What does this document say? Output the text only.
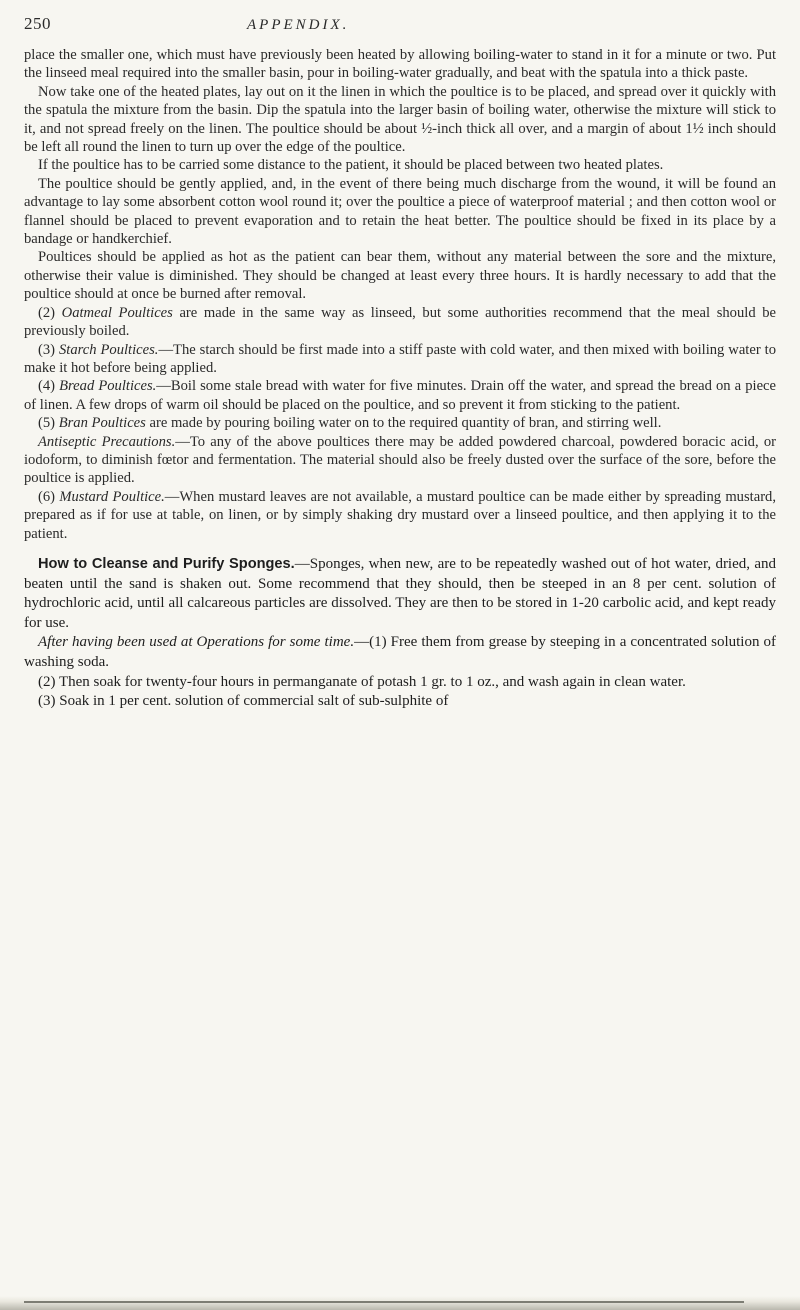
250	APPENDIX.

place the smaller one, which must have previously been heated by allowing boiling-water to stand in it for a minute or two. Put the linseed meal required into the smaller basin, pour in boiling-water gradually, and beat with the spatula into a thick paste.

Now take one of the heated plates, lay out on it the linen in which the poultice is to be placed, and spread over it quickly with the spatula the mixture from the basin. Dip the spatula into the larger basin of boiling water, otherwise the mixture will stick to it, and not spread freely on the linen. The poultice should be about ½-inch thick all over, and a margin of about 1½ inch should be left all round the linen to turn up over the edge of the poultice.

If the poultice has to be carried some distance to the patient, it should be placed between two heated plates.

The poultice should be gently applied, and, in the event of there being much discharge from the wound, it will be found an advantage to lay some absorbent cotton wool round it; over the poultice a piece of waterproof material ; and then cotton wool or flannel should be placed to prevent evaporation and to retain the heat better. The poultice should be fixed in its place by a bandage or handkerchief.

Poultices should be applied as hot as the patient can bear them, without any material between the sore and the mixture, otherwise their value is diminished. They should be changed at least every three hours. It is hardly necessary to add that the poultice should at once be burned after removal.

(2) Oatmeal Poultices are made in the same way as linseed, but some authorities recommend that the meal should be previously boiled.

(3) Starch Poultices.—The starch should be first made into a stiff paste with cold water, and then mixed with boiling water to make it hot before being applied.

(4) Bread Poultices.—Boil some stale bread with water for five minutes. Drain off the water, and spread the bread on a piece of linen. A few drops of warm oil should be placed on the poultice, and so prevent it from sticking to the patient.

(5) Bran Poultices are made by pouring boiling water on to the required quantity of bran, and stirring well.

Antiseptic Precautions.—To any of the above poultices there may be added powdered charcoal, powdered boracic acid, or iodoform, to diminish fœtor and fermentation. The material should also be freely dusted over the surface of the sore, before the poultice is applied.

(6) Mustard Poultice.—When mustard leaves are not available, a mustard poultice can be made either by spreading mustard, prepared as if for use at table, on linen, or by simply shaking dry mustard over a linseed poultice, and then applying it to the patient.

How to Cleanse and Purify Sponges.—Sponges, when new, are to be repeatedly washed out of hot water, dried, and beaten until the sand is shaken out. Some recommend that they should, then be steeped in an 8 per cent. solution of hydrochloric acid, until all calcareous particles are dissolved. They are then to be stored in 1-20 carbolic acid, and kept ready for use.

After having been used at Operations for some time.—(1) Free them from grease by steeping in a concentrated solution of washing soda.

(2) Then soak for twenty-four hours in permanganate of potash 1 gr. to 1 oz., and wash again in clean water.

(3) Soak in 1 per cent. solution of commercial salt of sub-sulphite of
